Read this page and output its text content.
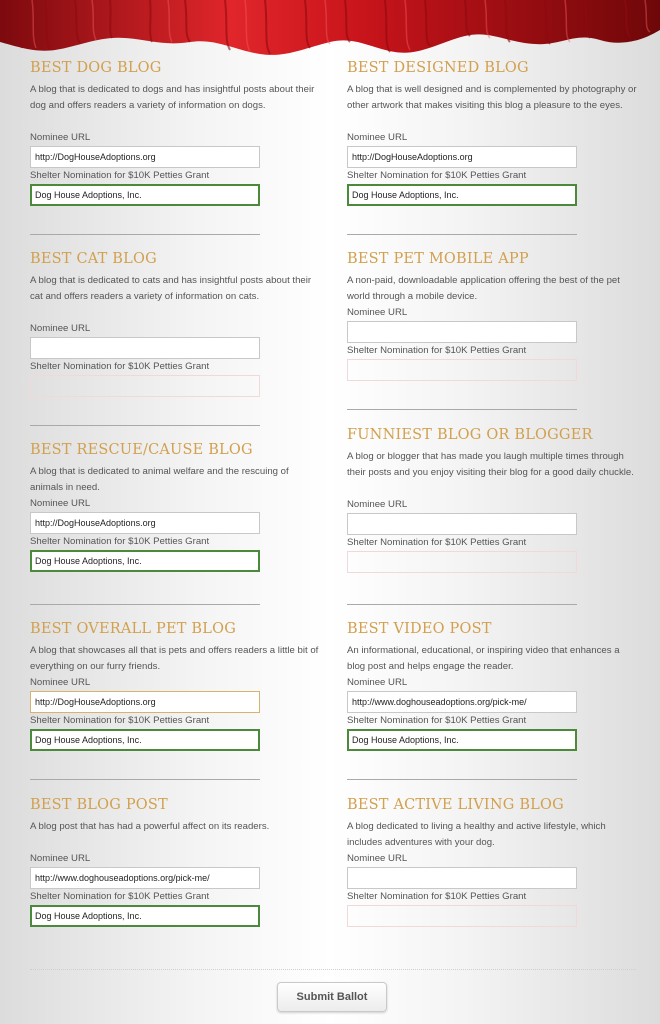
BEST DOG BLOG
A blog that is dedicated to dogs and has insightful posts about their dog and offers readers a variety of information on dogs.
Nominee URL
http://DogHouseAdoptions.org
Shelter Nomination for $10K Petties Grant
Dog House Adoptions, Inc.
BEST DESIGNED BLOG
A blog that is well designed and is complemented by photography or other artwork that makes visiting this blog a pleasure to the eyes.
Nominee URL
http://DogHouseAdoptions.org
Shelter Nomination for $10K Petties Grant
Dog House Adoptions, Inc.
BEST CAT BLOG
A blog that is dedicated to cats and has insightful posts about their cat and offers readers a variety of information on cats.
Nominee URL
Shelter Nomination for $10K Petties Grant
BEST PET MOBILE APP
A non-paid, downloadable application offering the best of the pet world through a mobile device.
Nominee URL
Shelter Nomination for $10K Petties Grant
BEST RESCUE/CAUSE BLOG
A blog that is dedicated to animal welfare and the rescuing of animals in need.
Nominee URL
http://DogHouseAdoptions.org
Shelter Nomination for $10K Petties Grant
Dog House Adoptions, Inc.
FUNNIEST BLOG OR BLOGGER
A blog or blogger that has made you laugh multiple times through their posts and you enjoy visiting their blog for a good daily chuckle.
Nominee URL
Shelter Nomination for $10K Petties Grant
BEST OVERALL PET BLOG
A blog that showcases all that is pets and offers readers a little bit of everything on our furry friends.
Nominee URL
http://DogHouseAdoptions.org
Shelter Nomination for $10K Petties Grant
Dog House Adoptions, Inc.
BEST VIDEO POST
An informational, educational, or inspiring video that enhances a blog post and helps engage the reader.
Nominee URL
http://www.doghouseadoptions.org/pick-me/
Shelter Nomination for $10K Petties Grant
Dog House Adoptions, Inc.
BEST BLOG POST
A blog post that has had a powerful affect on its readers.
Nominee URL
http://www.doghouseadoptions.org/pick-me/
Shelter Nomination for $10K Petties Grant
Dog House Adoptions, Inc.
BEST ACTIVE LIVING BLOG
A blog dedicated to living a healthy and active lifestyle, which includes adventures with your dog.
Nominee URL
Shelter Nomination for $10K Petties Grant
Submit Ballot
